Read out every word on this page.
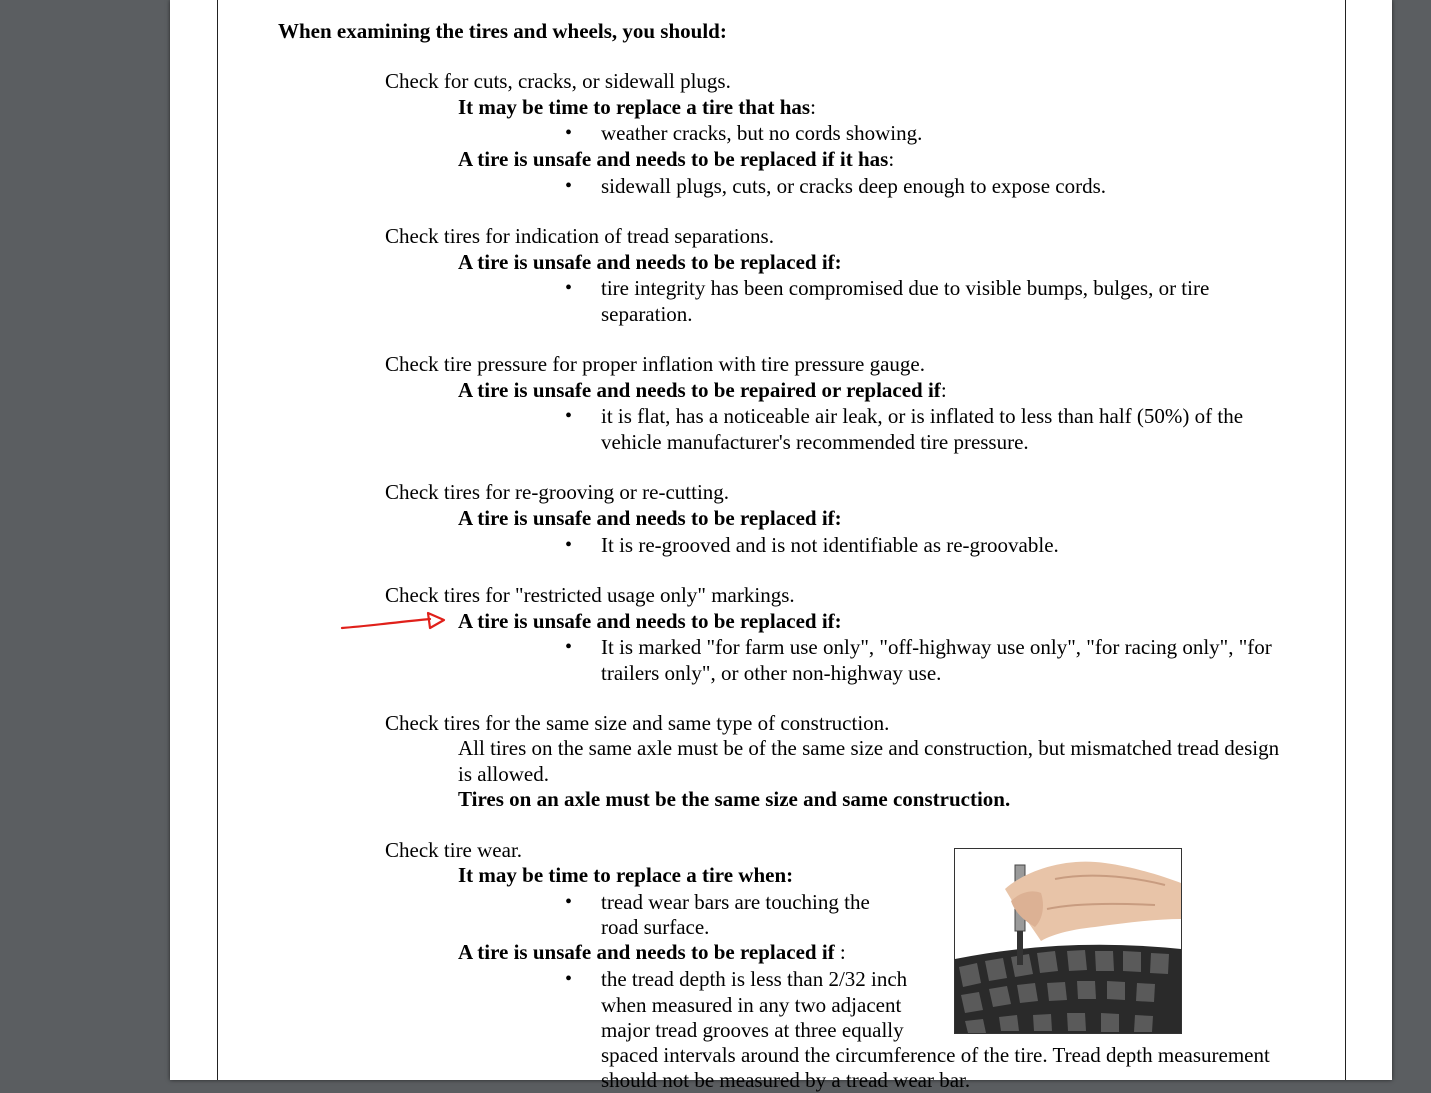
When examining the tires and wheels, you should:
Check for cuts, cracks, or sidewall plugs.
It may be time to replace a tire that has:
• weather cracks, but no cords showing.
A tire is unsafe and needs to be replaced if it has:
• sidewall plugs, cuts, or cracks deep enough to expose cords.
Check tires for indication of tread separations.
A tire is unsafe and needs to be replaced if:
• tire integrity has been compromised due to visible bumps, bulges, or tire
separation.
Check tire pressure for proper inflation with tire pressure gauge.
A tire is unsafe and needs to be repaired or replaced if:
• it is flat, has a noticeable air leak, or is inflated to less than half (50%) of the
vehicle manufacturer's recommended tire pressure.
Check tires for re-grooving or re-cutting.
A tire is unsafe and needs to be replaced if:
• It is re-grooved and is not identifiable as re-groovable.
Check tires for "restricted usage only" markings.
A tire is unsafe and needs to be replaced if:
• It is marked "for farm use only", "off-highway use only", "for racing only", "for
trailers only", or other non-highway use.
Check tires for the same size and same type of construction.
All tires on the same axle must be of the same size and construction, but mismatched tread design
is allowed.
Tires on an axle must be the same size and same construction.
Check tire wear.
It may be time to replace a tire when:
• tread wear bars are touching the
road surface.
A tire is unsafe and needs to be replaced if :
• the tread depth is less than 2/32 inch
when measured in any two adjacent
major tread grooves at three equally
spaced intervals around the circumference of the tire. Tread depth measurement
should not be measured by a tread wear bar.
